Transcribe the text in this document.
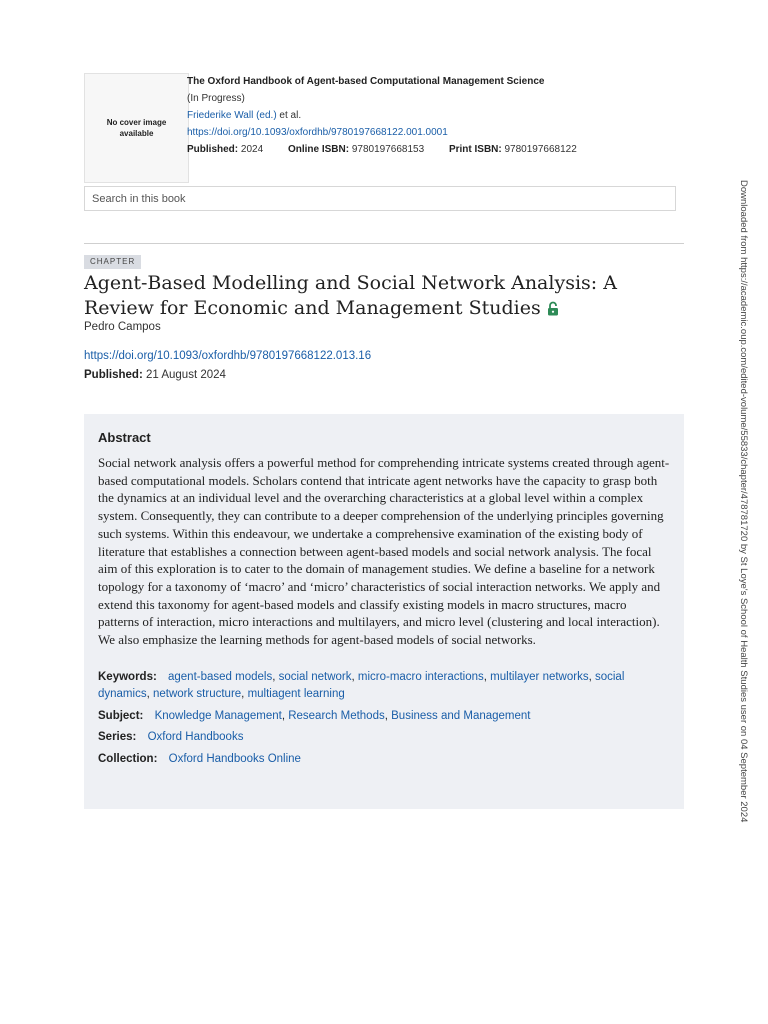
No cover image available
The Oxford Handbook of Agent-based Computational Management Science
(In Progress)
Friederike Wall (ed.) et al.
https://doi.org/10.1093/oxfordhb/9780197668122.001.0001
Published: 2024 Online ISBN: 9780197668153 Print ISBN: 9780197668122
Search in this book
CHAPTER
Agent-Based Modelling and Social Network Analysis: A Review for Economic and Management Studies
Pedro Campos
https://doi.org/10.1093/oxfordhb/9780197668122.013.16
Published: 21 August 2024
Abstract

Social network analysis offers a powerful method for comprehending intricate systems created through agent-based computational models. Scholars contend that intricate agent networks have the capacity to grasp both the dynamics at an individual level and the overarching characteristics at a global level within a complex system. Consequently, they can contribute to a deeper comprehension of the underlying principles governing such systems. Within this endeavour, we undertake a comprehensive examination of the existing body of literature that establishes a connection between agent-based models and social network analysis. The focal aim of this exploration is to cater to the domain of management studies. We define a baseline for a network topology for a taxonomy of ‘macro’ and ‘micro’ characteristics of social interaction networks. We apply and extend this taxonomy for agent-based models and classify existing models in macro structures, macro patterns of interaction, micro interactions and multilayers, and micro level (clustering and local interaction). We also emphasize the learning methods for agent-based models of social networks.

Keywords: agent-based models, social network, micro-macro interactions, multilayer networks, social dynamics, network structure, multiagent learning
Subject: Knowledge Management, Research Methods, Business and Management
Series: Oxford Handbooks
Collection: Oxford Handbooks Online	Downloaded from https://academic.oup.com/edited-volume/55833/chapter/478781720 by St Loye's School of Health Studies user on 04 September 2024
